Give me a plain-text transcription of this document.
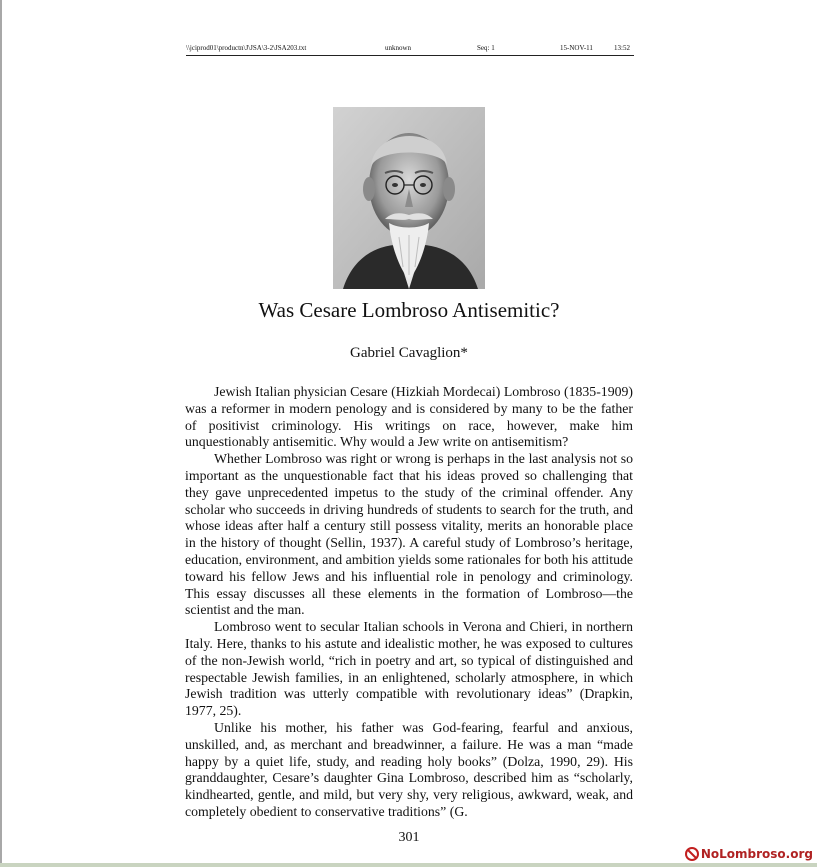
\\jciprod01\productn\J\JSA\3-2\JSA203.txt	unknown	Seq: 1	15-NOV-11	13:52
Was Cesare Lombroso Antisemitic?
Gabriel Cavaglion*

Jewish Italian physician Cesare (Hizkiah Mordecai) Lombroso (1835-1909) was a reformer in modern penology and is considered by many to be the father of positivist criminology. His writings on race, however, make him unquestionably antisemitic. Why would a Jew write on antisemitism?

Whether Lombroso was right or wrong is perhaps in the last analysis not so important as the unquestionable fact that his ideas proved so challenging that they gave unprecedented impetus to the study of the criminal offender. Any scholar who succeeds in driving hundreds of students to search for the truth, and whose ideas after half a century still possess vitality, merits an honorable place in the history of thought (Sellin, 1937). A careful study of Lombroso’s heritage, education, environment, and ambition yields some rationales for both his attitude toward his fellow Jews and his influential role in penology and criminology. This essay discusses all these elements in the formation of Lombroso—the scientist and the man.

Lombroso went to secular Italian schools in Verona and Chieri, in northern Italy. Here, thanks to his astute and idealistic mother, he was exposed to cultures of the non-Jewish world, “rich in poetry and art, so typical of distinguished and respectable Jewish families, in an enlightened, scholarly atmosphere, in which Jewish tradition was utterly compatible with revolutionary ideas” (Drapkin, 1977, 25).

Unlike his mother, his father was God-fearing, fearful and anxious, unskilled, and, as merchant and breadwinner, a failure. He was a man “made happy by a quiet life, study, and reading holy books” (Dolza, 1990, 29). His granddaughter, Cesare’s daughter Gina Lombroso, described him as “scholarly, kindhearted, gentle, and mild, but very shy, very religious, awkward, weak, and completely obedient to conservative traditions” (G.

301
NoLombroso.org
